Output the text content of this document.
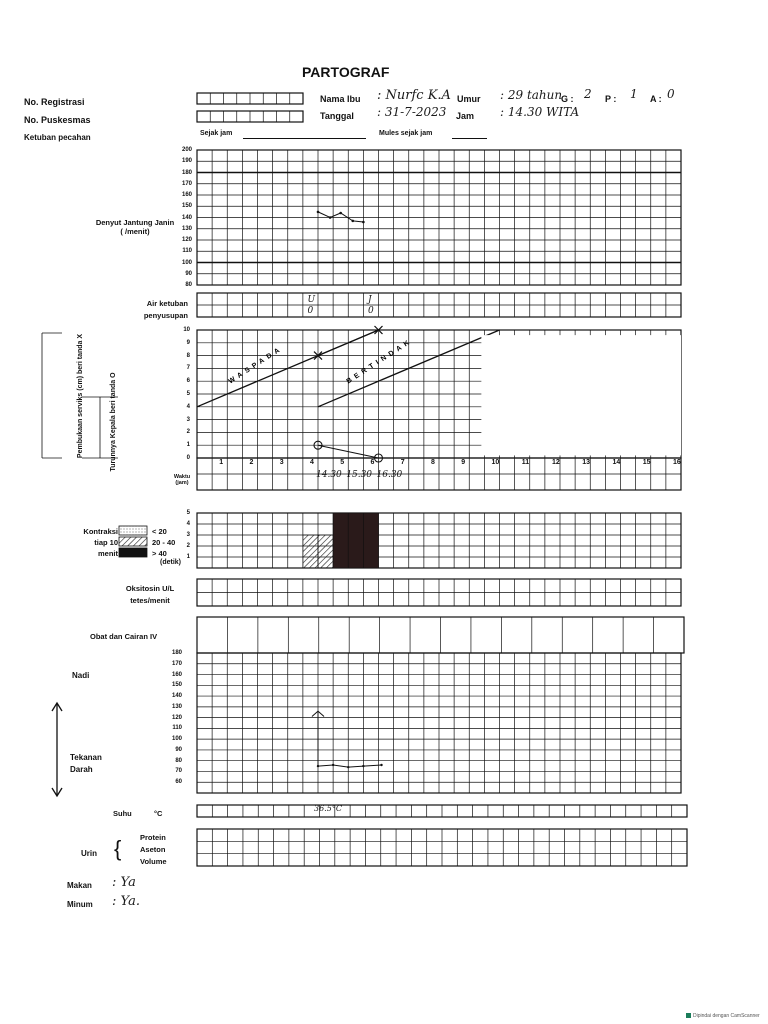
PARTOGRAF
No. Registrasi
No. Puskesmas
Ketuban pecahan
Nama Ibu : Nurfc K.A Umur : 29 tahun
G : 2 P : 1 A : 0
Tanggal : 31-7-2023 Jam : 14.30 WITA
Sejak jam	Mules sejak jam
Denyut Jantung Janin
( /menit)
Air ketuban
penyusupan
Pembukaan serviks (cm) beri tanda X	Turunnya Kepala beri tanda O
Waktu
(jam)
Kontraksi
tiap 10
menit
< 20
20 - 40
> 40
(detik)
Oksitosin U/L
tetes/menit
Obat dan Cairan IV
Nadi
Tekanan
Darah
Suhu	°C
36.5°C
Urin { Protein
Aseton
Volume
Makan : Ya
Minum : Ya.
Dipindai dengan CamScanner
200
190
180
170
160
150
140
130
120
110
100
90
80
10
9
8
7
6
5
4
3
2
1
0
1	2	3	4	5	6	7	8	9	10	11	12	13	14	15	16
5
4
3
2
1
180
170
160
150
140
130
120
110
100
90
80
70
60
14.30 15.30 16.30
U
0
J
0
WASPADA	BERTINDAK
